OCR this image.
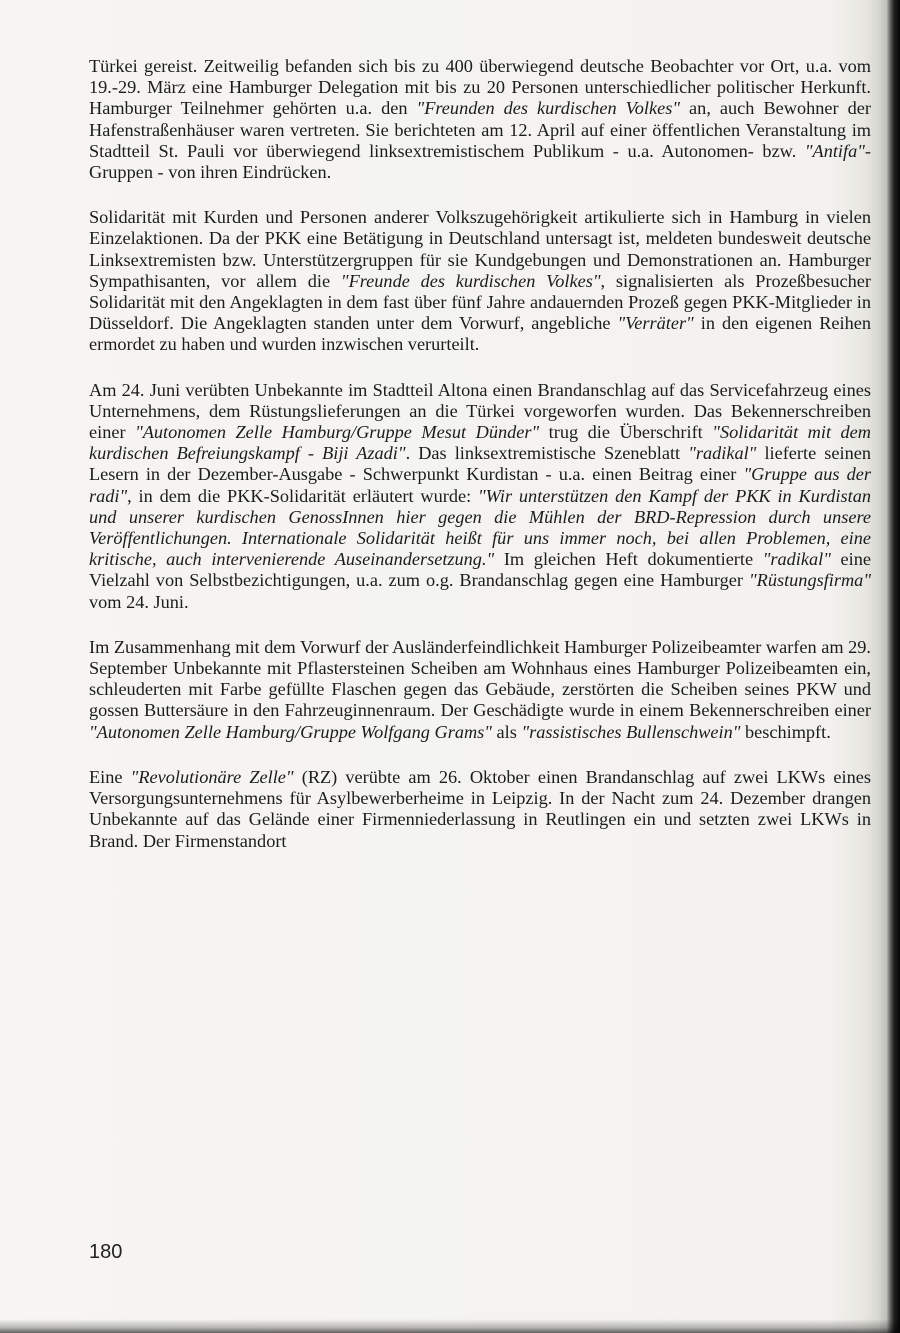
Türkei gereist. Zeitweilig befanden sich bis zu 400 überwiegend deutsche Beobachter vor Ort, u.a. vom 19.-29. März eine Hamburger Delegation mit bis zu 20 Personen unterschiedlicher politischer Herkunft. Hamburger Teilnehmer gehörten u.a. den "Freunden des kurdischen Volkes" an, auch Bewohner der Hafenstraßenhäuser waren vertreten. Sie berichteten am 12. April auf einer öffentlichen Veranstaltung im Stadtteil St. Pauli vor überwiegend linksextremistischem Publikum - u.a. Autonomen- bzw. "Antifa"-Gruppen - von ihren Eindrücken.

Solidarität mit Kurden und Personen anderer Volkszugehörigkeit artikulierte sich in Hamburg in vielen Einzelaktionen. Da der PKK eine Betätigung in Deutschland untersagt ist, meldeten bundesweit deutsche Linksextremisten bzw. Unterstützergruppen für sie Kundgebungen und Demonstrationen an. Hamburger Sympathisanten, vor allem die "Freunde des kurdischen Volkes", signalisierten als Prozeßbesucher Solidarität mit den Angeklagten in dem fast über fünf Jahre andauernden Prozeß gegen PKK-Mitglieder in Düsseldorf. Die Angeklagten standen unter dem Vorwurf, angebliche "Verräter" in den eigenen Reihen ermordet zu haben und wurden inzwischen verurteilt.

Am 24. Juni verübten Unbekannte im Stadtteil Altona einen Brandanschlag auf das Servicefahrzeug eines Unternehmens, dem Rüstungslieferungen an die Türkei vorgeworfen wurden. Das Bekennerschreiben einer "Autonomen Zelle Hamburg/Gruppe Mesut Dünder" trug die Überschrift "Solidarität mit dem kurdischen Befreiungskampf - Biji Azadi". Das linksextremistische Szeneblatt "radikal" lieferte seinen Lesern in der Dezember-Ausgabe - Schwerpunkt Kurdistan - u.a. einen Beitrag einer "Gruppe aus der radi", in dem die PKK-Solidarität erläutert wurde: "Wir unterstützen den Kampf der PKK in Kurdistan und unserer kurdischen GenossInnen hier gegen die Mühlen der BRD-Repression durch unsere Veröffentlichungen. Internationale Solidarität heißt für uns immer noch, bei allen Problemen, eine kritische, auch intervenierende Auseinandersetzung." Im gleichen Heft dokumentierte "radikal" eine Vielzahl von Selbstbezichtigungen, u.a. zum o.g. Brandanschlag gegen eine Hamburger "Rüstungsfirma" vom 24. Juni.

Im Zusammenhang mit dem Vorwurf der Ausländerfeindlichkeit Hamburger Polizeibeamter warfen am 29. September Unbekannte mit Pflastersteinen Scheiben am Wohnhaus eines Hamburger Polizeibeamten ein, schleuderten mit Farbe gefüllte Flaschen gegen das Gebäude, zerstörten die Scheiben seines PKW und gossen Buttersäure in den Fahrzeuginnenraum. Der Geschädigte wurde in einem Bekennerschreiben einer "Autonomen Zelle Hamburg/Gruppe Wolfgang Grams" als "rassistisches Bullenschwein" beschimpft.

Eine "Revolutionäre Zelle" (RZ) verübte am 26. Oktober einen Brandanschlag auf zwei LKWs eines Versorgungsunternehmens für Asylbewerberheime in Leipzig. In der Nacht zum 24. Dezember drangen Unbekannte auf das Gelände einer Firmenniederlassung in Reutlingen ein und setzten zwei LKWs in Brand. Der Firmenstandort

180
